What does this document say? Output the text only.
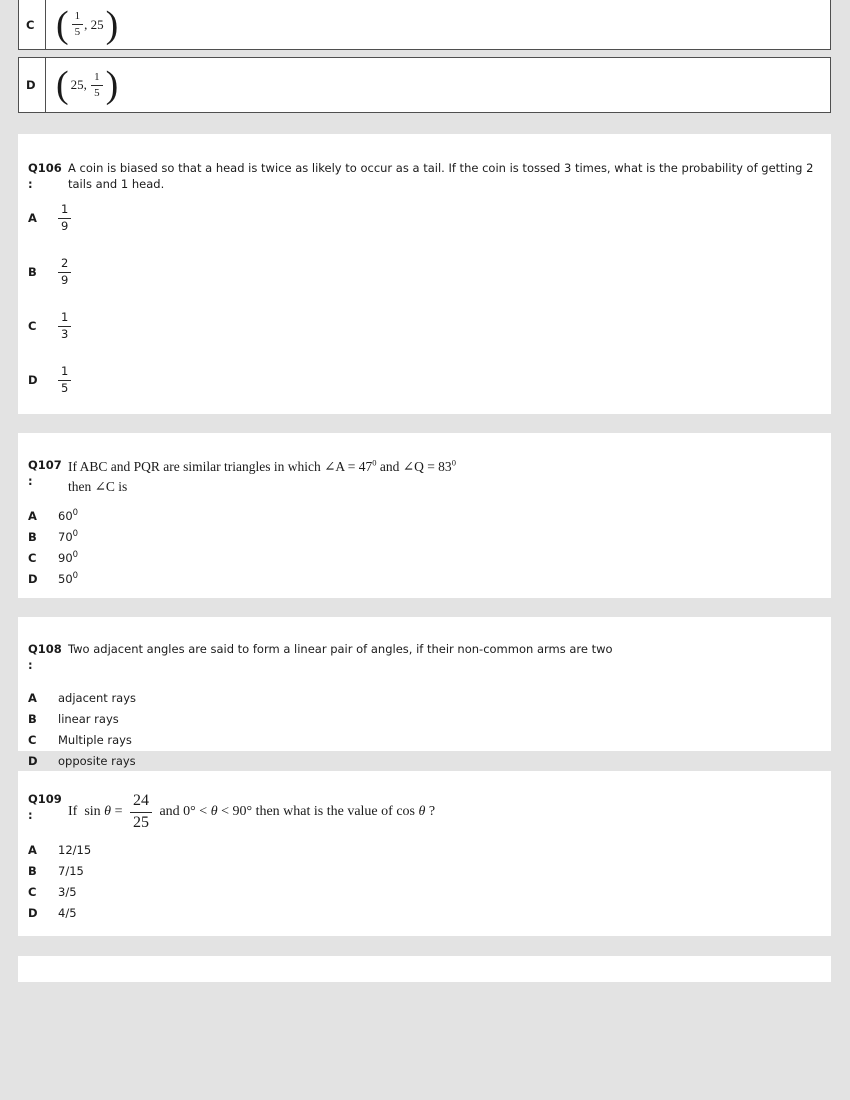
C ( $\frac{1}{5}$ , 25 )
D ( 25, $\frac{1}{5}$ )
Q106
:
A coin is biased so that a head is twice as likely to occur as a tail. If the coin is tossed 3 times, what is the probability of getting 2 tails and 1 head.
A	$\frac{1}{9}$
B	$\frac{2}{9}$
C	$\frac{1}{3}$
D	$\frac{1}{5}$
Q107
:
If ABC and PQR are similar triangles in which ∠A = $47^0$ and ∠Q = $83^0$
then ∠C is
A	$60^0$
B	$70^0$
C	$90^0$
D	$50^0$
Q108
:
Two adjacent angles are said to form a linear pair of angles, if their non-common arms are two
A	adjacent rays
B	linear rays
C	Multiple rays
D	opposite rays
Q109
:	If $\sin \theta = \frac{24}{25}$ and 0° < θ < 90° then what is the value of cos θ ?
A	12/15
B	7/15
C	3/5
D	4/5
